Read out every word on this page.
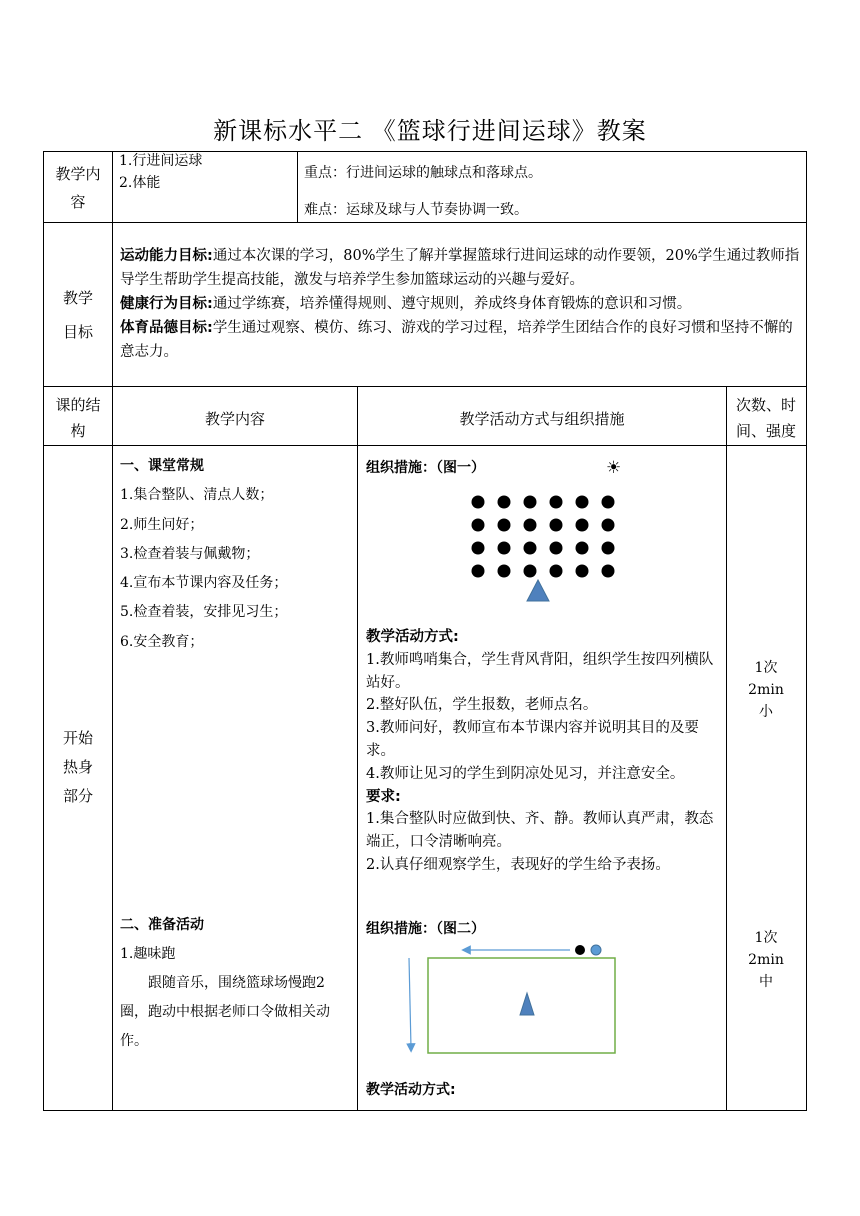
新课标水平二 《篮球行进间运球》教案
教学内容

1.行进间运球

2.体能

重点：行进间运球的触球点和落球点。
难点：运球及球与人节奏协调一致。
教学目标

运动能力目标:通过本次课的学习，80%学生了解并掌握篮球行进间运球的动作要领，20%学生通过教师指导学生帮助学生提高技能，激发与培养学生参加篮球运动的兴趣与爱好。

健康行为目标:通过学练赛，培养懂得规则、遵守规则，养成终身体育锻炼的意识和习惯。

体育品德目标:学生通过观察、模仿、练习、游戏的学习过程，培养学生团结合作的良好习惯和坚持不懈的意志力。

课的结构
教学内容	教学活动方式与组织措施
次数、时间、强度
开始热身部分

一、课堂常规

1.集合整队、清点人数；

2.师生问好；

3.检查着装与佩戴物；

4.宣布本节课内容及任务；

5.检查着装，安排见习生；

6.安全教育；

二、准备活动

1.趣味跑

跟随音乐，围绕篮球场慢跑2圈，跑动中根据老师口令做相关动作。

组织措施：（图一）	☀

教学活动方式:

1.教师鸣哨集合，学生背风背阳，组织学生按四列横队站好。

2.整好队伍，学生报数，老师点名。

3.教师问好，教师宣布本节课内容并说明其目的及要求。

4.教师让见习的学生到阴凉处见习，并注意安全。

要求:

1.集合整队时应做到快、齐、静。教师认真严肃，教态端正，口令清晰响亮。

2.认真仔细观察学生，表现好的学生给予表扬。

组织措施：（图二）
教学活动方式:

1次

2min

小

1次

2min

中
